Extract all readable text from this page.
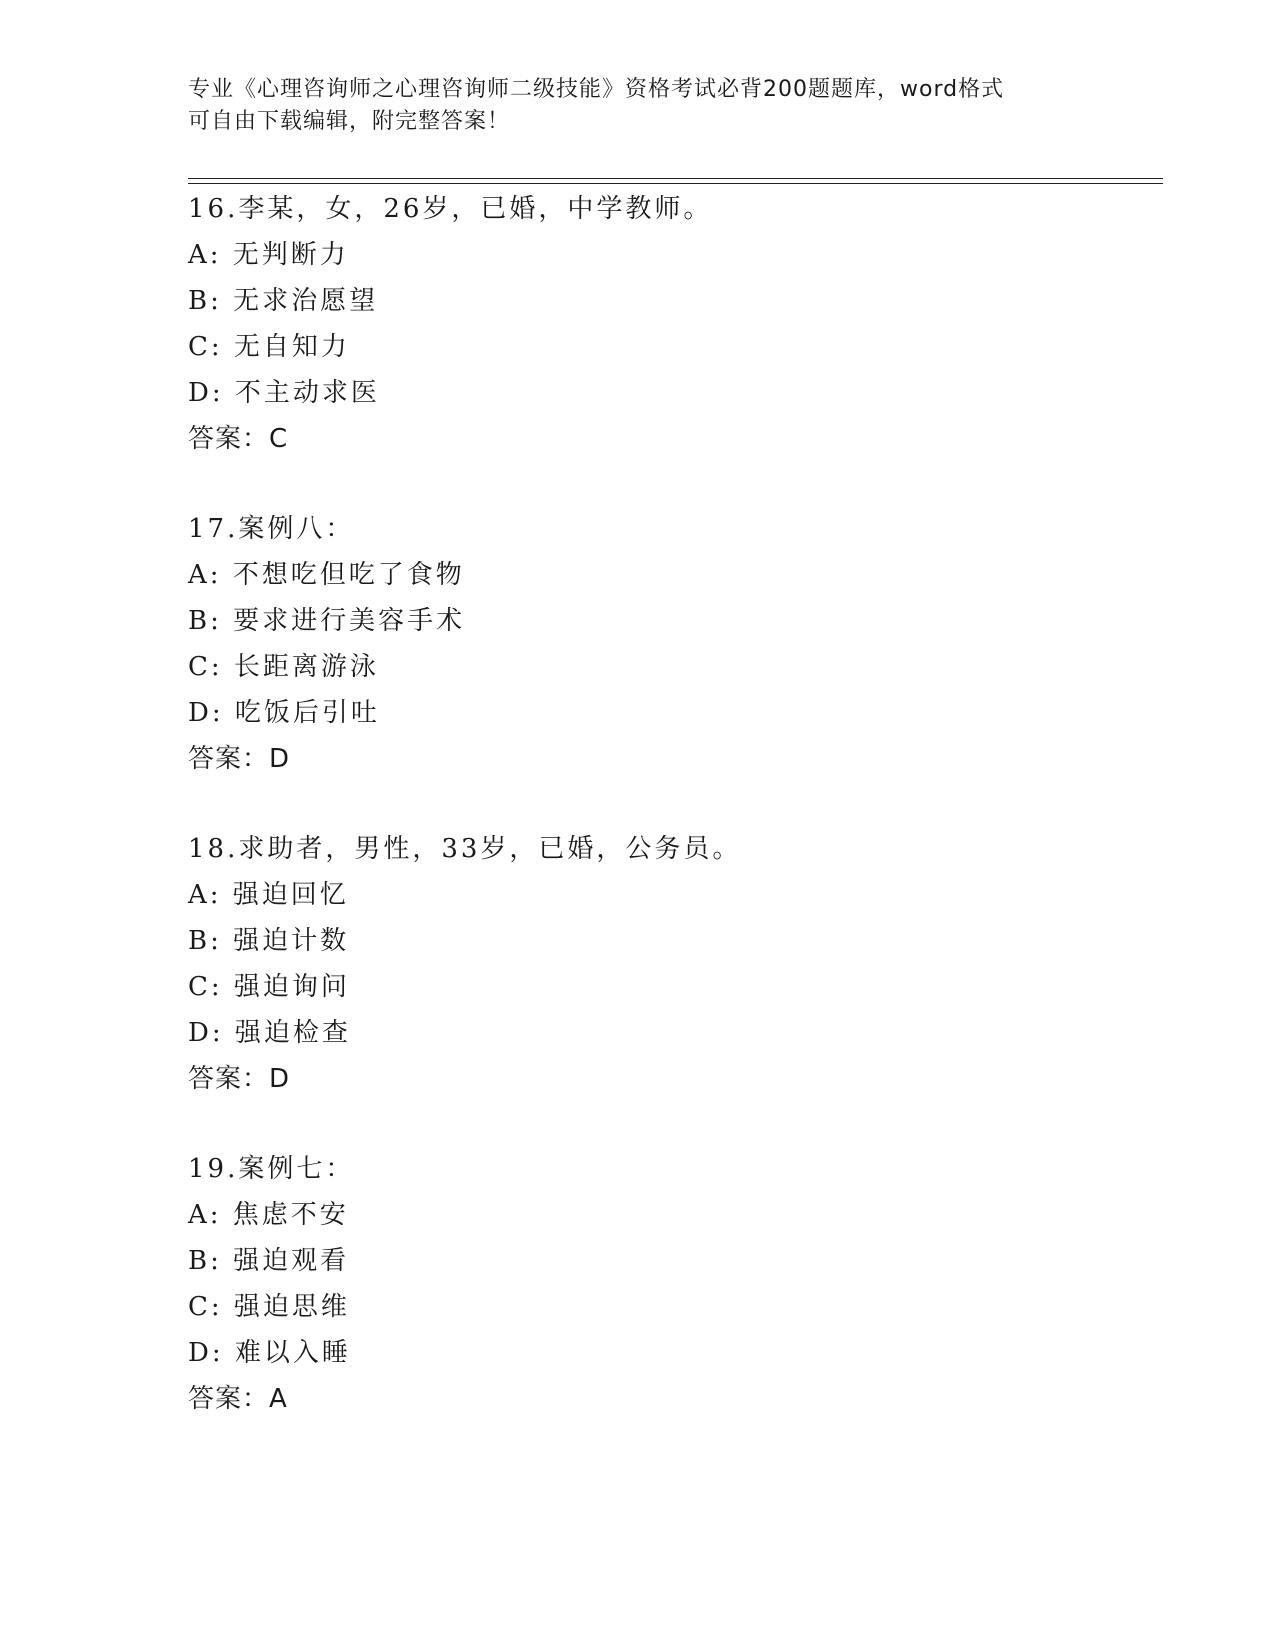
专业《心理咨询师之心理咨询师二级技能》资格考试必背200题题库，word格式
可自由下载编辑，附完整答案！
16.李某，女，26岁，已婚，中学教师。
A: 无判断力
B: 无求治愿望
C: 无自知力
D: 不主动求医
答案：C
17.案例八：
A: 不想吃但吃了食物
B: 要求进行美容手术
C: 长距离游泳
D: 吃饭后引吐
答案：D
18.求助者，男性，33岁，已婚，公务员。
A: 强迫回忆
B: 强迫计数
C: 强迫询问
D: 强迫检查
答案：D
19.案例七：
A: 焦虑不安
B: 强迫观看
C: 强迫思维
D: 难以入睡
答案：A
